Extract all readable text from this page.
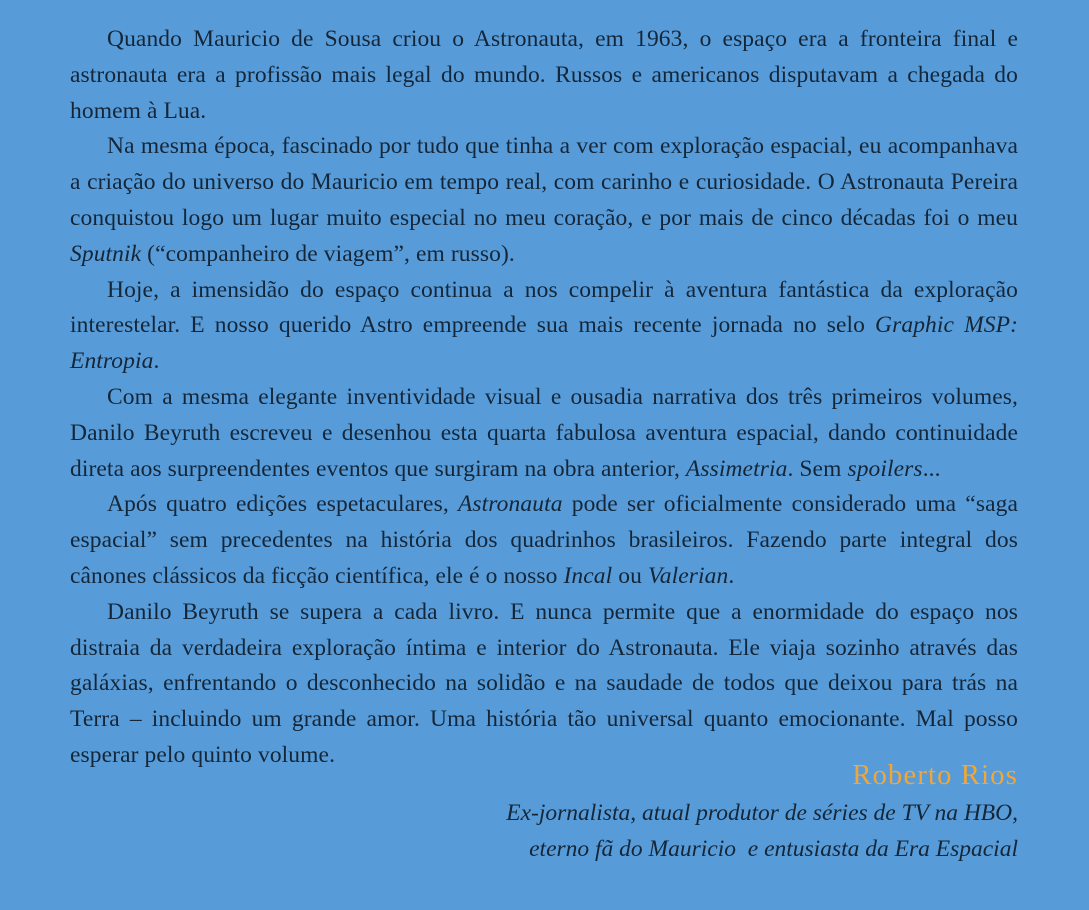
Quando Mauricio de Sousa criou o Astronauta, em 1963, o espaço era a fronteira final e astronauta era a profissão mais legal do mundo. Russos e americanos disputavam a chegada do homem à Lua.

Na mesma época, fascinado por tudo que tinha a ver com exploração espacial, eu acompanhava a criação do universo do Mauricio em tempo real, com carinho e curiosidade. O Astronauta Pereira conquistou logo um lugar muito especial no meu coração, e por mais de cinco décadas foi o meu Sputnik (“companheiro de viagem”, em russo).

Hoje, a imensidão do espaço continua a nos compelir à aventura fantástica da exploração interestelar. E nosso querido Astro empreende sua mais recente jornada no selo Graphic MSP: Entropia.

Com a mesma elegante inventividade visual e ousadia narrativa dos três primeiros volumes, Danilo Beyruth escreveu e desenhou esta quarta fabulosa aventura espacial, dando continuidade direta aos surpreendentes eventos que surgiram na obra anterior, Assimetria. Sem spoilers...

Após quatro edições espetaculares, Astronauta pode ser oficialmente considerado uma “saga espacial” sem precedentes na história dos quadrinhos brasileiros. Fazendo parte integral dos cânones clássicos da ficção científica, ele é o nosso Incal ou Valerian.

Danilo Beyruth se supera a cada livro. E nunca permite que a enormidade do espaço nos distraia da verdadeira exploração íntima e interior do Astronauta. Ele viaja sozinho através das galáxias, enfrentando o desconhecido na solidão e na saudade de todos que deixou para trás na Terra – incluindo um grande amor. Uma história tão universal quanto emocionante. Mal posso esperar pelo quinto volume.

Roberto Rios
Ex-jornalista, atual produtor de séries de TV na HBO,
eterno fã do Mauricio  e entusiasta da Era Espacial
